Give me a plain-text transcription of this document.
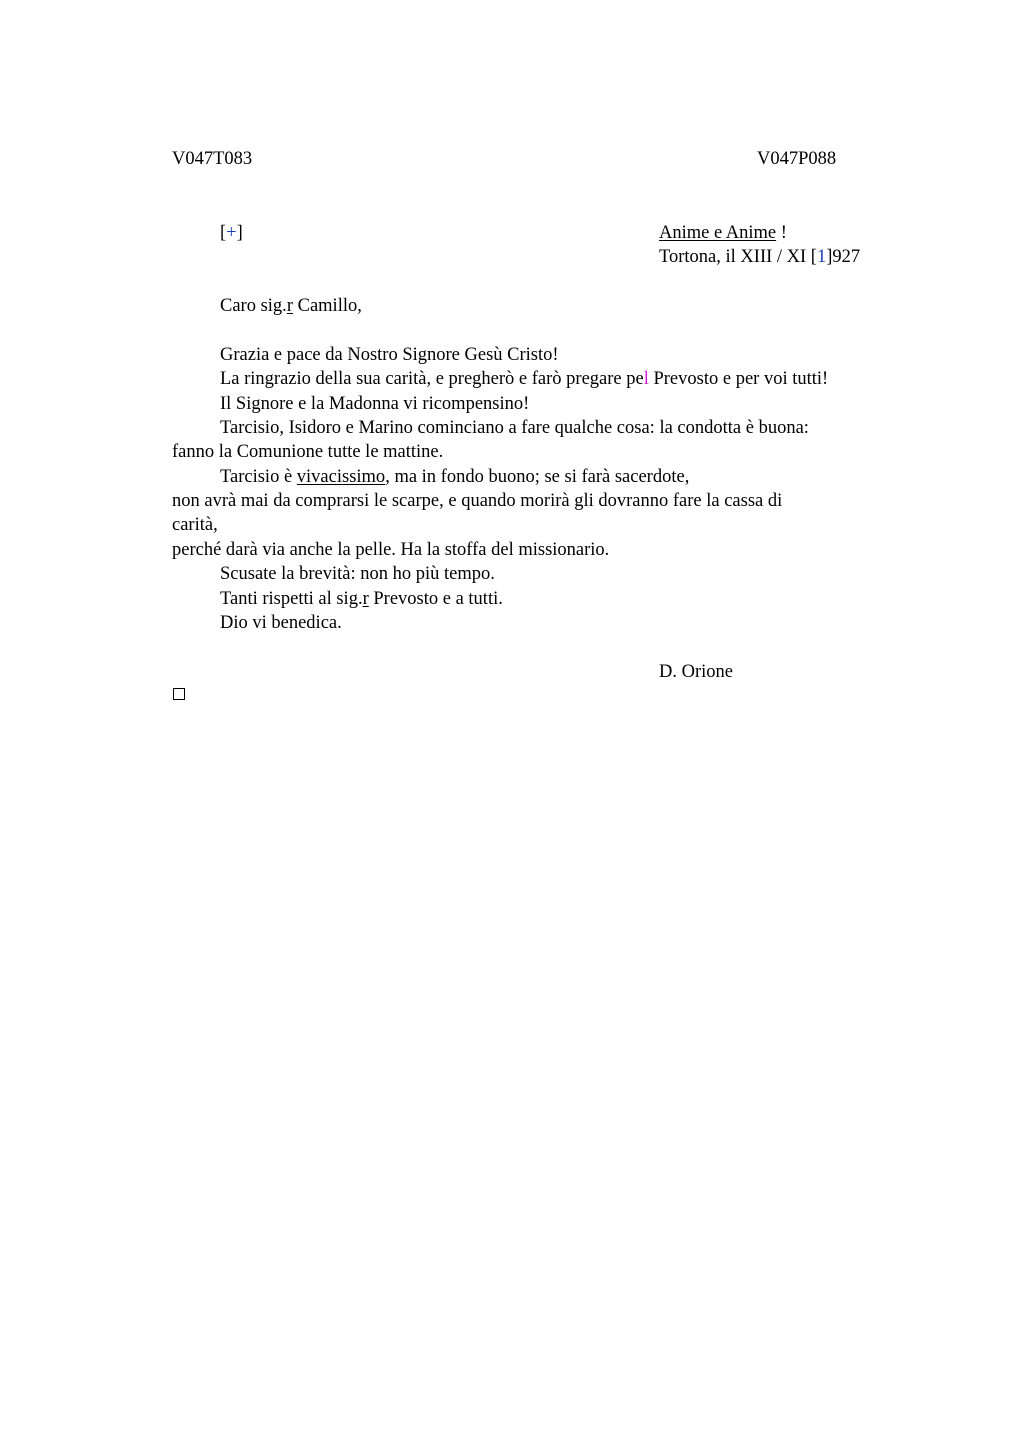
V047T083	V047P088
[+]	Anime e Anime !
Tortona, il XIII / XI [1]927
Caro sig.r Camillo,
Grazia e pace da Nostro Signore Gesù Cristo!
La ringrazio della sua carità, e pregherò e farò pregare pel Prevosto e per voi tutti!
Il Signore e la Madonna vi ricompensino!
Tarcisio, Isidoro e Marino cominciano a fare qualche cosa: la condotta è buona:
fanno la Comunione tutte le mattine.
Tarcisio è vivacissimo, ma in fondo buono; se si farà sacerdote,
non avrà mai da comprarsi le scarpe, e quando morirà gli dovranno fare la cassa di
carità,
perché darà via anche la pelle. Ha la stoffa del missionario.
Scusate la brevità: non ho più tempo.
Tanti rispetti al sig.r Prevosto e a tutti.
Dio vi benedica.
D. Orione
